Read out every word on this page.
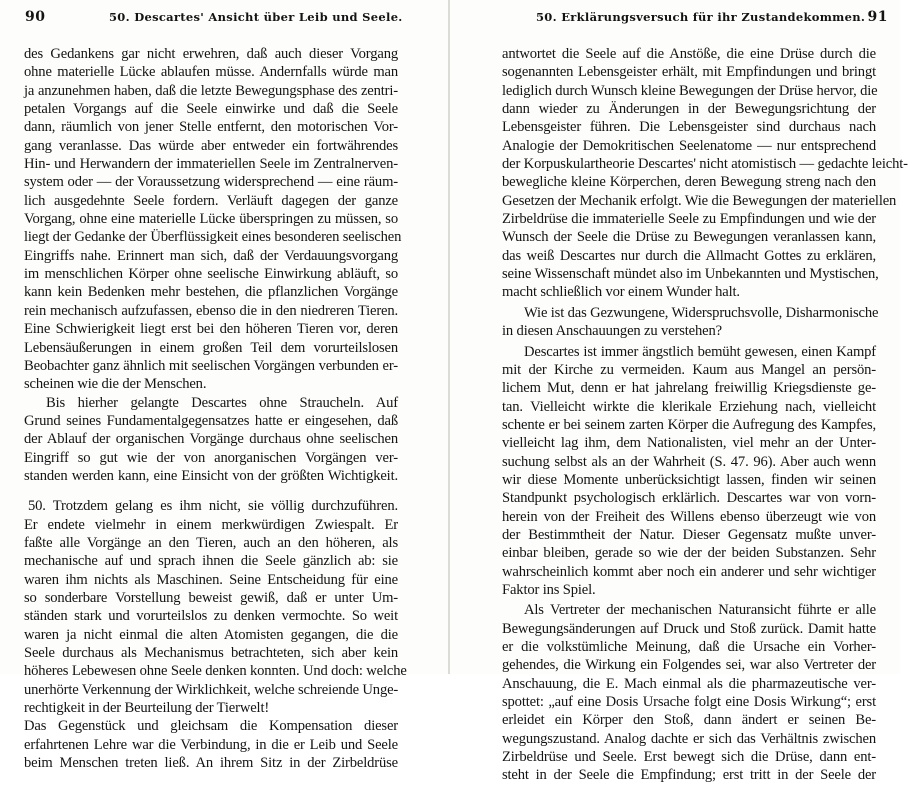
90	50. Descartes' Ansicht über Leib und Seele.
des Gedankens gar nicht erwehren, daß auch dieser Vorgang
ohne materielle Lücke ablaufen müsse. Andernfalls würde man
ja anzunehmen haben, daß die letzte Bewegungsphase des zentri-
petalen Vorgangs auf die Seele einwirke und daß die Seele
dann, räumlich von jener Stelle entfernt, den motorischen Vor-
gang veranlasse. Das würde aber entweder ein fortwährendes
Hin- und Herwandern der immateriellen Seele im Zentralnerven-
system oder — der Voraussetzung widersprechend — eine räum-
lich ausgedehnte Seele fordern. Verläuft dagegen der ganze
Vorgang, ohne eine materielle Lücke überspringen zu müssen, so
liegt der Gedanke der Überflüssigkeit eines besonderen seelischen
Eingriffs nahe. Erinnert man sich, daß der Verdauungsvorgang
im menschlichen Körper ohne seelische Einwirkung abläuft, so
kann kein Bedenken mehr bestehen, die pflanzlichen Vorgänge
rein mechanisch aufzufassen, ebenso die in den niedreren Tieren.
Eine Schwierigkeit liegt erst bei den höheren Tieren vor, deren
Lebensäußerungen in einem großen Teil dem vorurteilslosen
Beobachter ganz ähnlich mit seelischen Vorgängen verbunden er-
scheinen wie die der Menschen.
Bis hierher gelangte Descartes ohne Straucheln. Auf
Grund seines Fundamentalgegensatzes hatte er eingesehen, daß
der Ablauf der organischen Vorgänge durchaus ohne seelischen
Eingriff so gut wie der von anorganischen Vorgängen ver-
standen werden kann, eine Einsicht von der größten Wichtigkeit.
50. Trotzdem gelang es ihm nicht, sie völlig durchzuführen.
Er endete vielmehr in einem merkwürdigen Zwiespalt. Er
faßte alle Vorgänge an den Tieren, auch an den höheren, als
mechanische auf und sprach ihnen die Seele gänzlich ab: sie
waren ihm nichts als Maschinen. Seine Entscheidung für eine
so sonderbare Vorstellung beweist gewiß, daß er unter Um-
ständen stark und vorurteilslos zu denken vermochte. So weit
waren ja nicht einmal die alten Atomisten gegangen, die die
Seele durchaus als Mechanismus betrachteten, sich aber kein
höheres Lebewesen ohne Seele denken konnten. Und doch: welche
unerhörte Verkennung der Wirklichkeit, welche schreiende Unge-
rechtigkeit in der Beurteilung der Tierwelt!
Das Gegenstück und gleichsam die Kompensation dieser
erfahrtenen Lehre war die Verbindung, in die er Leib und Seele
beim Menschen treten ließ. An ihrem Sitz in der Zirbeldrüse
50. Erklärungsversuch für ihr Zustandekommen. 91
antwortet die Seele auf die Anstöße, die eine Drüse durch die
sogenannten Lebensgeister erhält, mit Empfindungen und bringt
lediglich durch Wunsch kleine Bewegungen der Drüse hervor, die
dann wieder zu Änderungen in der Bewegungsrichtung der
Lebensgeister führen. Die Lebensgeister sind durchaus nach
Analogie der Demokritischen Seelenatome — nur entsprechend
der Korpuskulartheorie Descartes' nicht atomistisch — gedachte leicht-
bewegliche kleine Körperchen, deren Bewegung streng nach den
Gesetzen der Mechanik erfolgt. Wie die Bewegungen der materiellen
Zirbeldrüse die immaterielle Seele zu Empfindungen und wie der
Wunsch der Seele die Drüse zu Bewegungen veranlassen kann,
das weiß Descartes nur durch die Allmacht Gottes zu erklären,
seine Wissenschaft mündet also im Unbekannten und Mystischen,
macht schließlich vor einem Wunder halt.
Wie ist das Gezwungene, Widerspruchsvolle, Disharmonische
in diesen Anschauungen zu verstehen?
Descartes ist immer ängstlich bemüht gewesen, einen Kampf
mit der Kirche zu vermeiden. Kaum aus Mangel an persön-
lichem Mut, denn er hat jahrelang freiwillig Kriegsdienste ge-
tan. Vielleicht wirkte die klerikale Erziehung nach, vielleicht
schente er bei seinem zarten Körper die Aufregung des Kampfes,
vielleicht lag ihm, dem Nationalisten, viel mehr an der Unter-
suchung selbst als an der Wahrheit (S. 47. 96). Aber auch wenn
wir diese Momente unberücksichtigt lassen, finden wir seinen
Standpunkt psychologisch erklärlich. Descartes war von vorn-
herein von der Freiheit des Willens ebenso überzeugt wie von
der Bestimmtheit der Natur. Dieser Gegensatz mußte unver-
einbar bleiben, gerade so wie der der beiden Substanzen. Sehr
wahrscheinlich kommt aber noch ein anderer und sehr wichtiger
Faktor ins Spiel.
Als Vertreter der mechanischen Naturansicht führte er alle
Bewegungsänderungen auf Druck und Stoß zurück. Damit hatte
er die volkstümliche Meinung, daß die Ursache ein Vorher-
gehendes, die Wirkung ein Folgendes sei, war also Vertreter der
Anschauung, die E. Mach einmal als die pharmazeutische ver-
spottet: „auf eine Dosis Ursache folgt eine Dosis Wirkung“; erst
erleidet ein Körper den Stoß, dann ändert er seinen Be-
wegungszustand. Analog dachte er sich das Verhältnis zwischen
Zirbeldrüse und Seele. Erst bewegt sich die Drüse, dann ent-
steht in der Seele die Empfindung; erst tritt in der Seele der
